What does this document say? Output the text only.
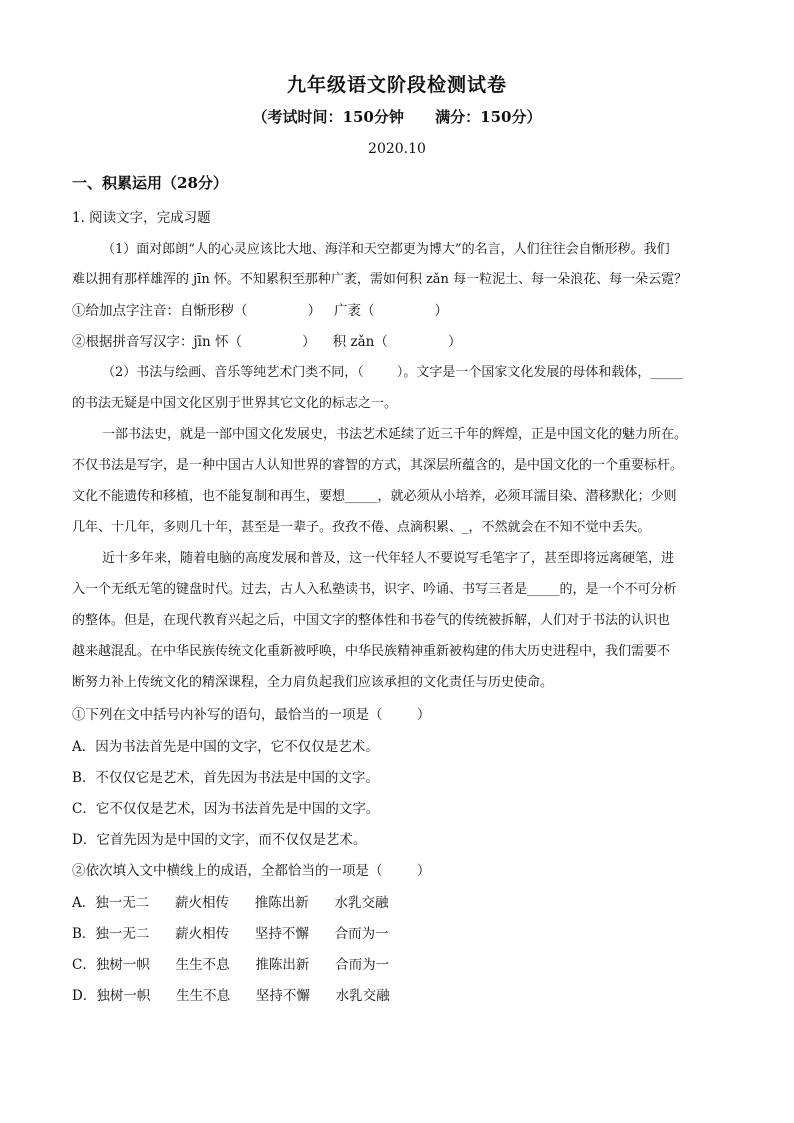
九年级语文阶段检测试卷
（考试时间：150分钟      满分：150分）
2020.10
一、积累运用（28分）
1. 阅读文字，完成习题
（1）面对郎朗“人的心灵应该比大地、海洋和天空都更为博大”的名言，人们往往会自惭形秽。我们
难以拥有那样雄浑的 jīn 怀。不知累积至那种广袤，需如何积 zǎn 每一粒泥土、每一朵浪花、每一朵云霓？
①给加点字注音：自惭形秽（              ）   广袤（              ）
②根据拼音写汉字：jīn 怀（              ）    积 zǎn（              ）
（2）书法与绘画、音乐等纯艺术门类不同，（        ）。文字是一个国家文化发展的母体和载体，_____
的书法无疑是中国文化区别于世界其它文化的标志之一。
一部书法史，就是一部中国文化发展史，书法艺术延续了近三千年的辉煌，正是中国文化的魅力所在。
不仅书法是写字，是一种中国古人认知世界的睿智的方式，其深层所蕴含的，是中国文化的一个重要标杆。
文化不能遗传和移植，也不能复制和再生，要想_____，就必须从小培养，必须耳濡目染、潜移默化；少则
几年、十几年，多则几十年，甚至是一辈子。孜孜不倦、点滴积累、_，不然就会在不知不觉中丢失。
近十多年来，随着电脑的高度发展和普及，这一代年轻人不要说写毛笔字了，甚至即将远离硬笔，进
入一个无纸无笔的键盘时代。过去，古人入私塾读书，识字、吟诵、书写三者是_____的，是一个不可分析
的整体。但是，在现代教育兴起之后，中国文字的整体性和书卷气的传统被拆解，人们对于书法的认识也
越来越混乱。在中华民族传统文化重新被呼唤，中华民族精神重新被构建的伟大历史进程中，我们需要不
断努力补上传统文化的精深课程，全力肩负起我们应该承担的文化责任与历史使命。
①下列在文中括号内补写的语句，最恰当的一项是（        ）
A．因为书法首先是中国的文字，它不仅仅是艺术。
B．不仅仅它是艺术，首先因为书法是中国的文字。
C．它不仅仅是艺术，因为书法首先是中国的文字。
D．它首先因为是中国的文字，而不仅仅是艺术。
②依次填入文中横线上的成语，全都恰当的一项是（        ）
A．独一无二      薪火相传      推陈出新      水乳交融
B．独一无二      薪火相传      坚持不懈      合而为一
C．独树一帜      生生不息      推陈出新      合而为一
D．独树一帜      生生不息      坚持不懈      水乳交融
